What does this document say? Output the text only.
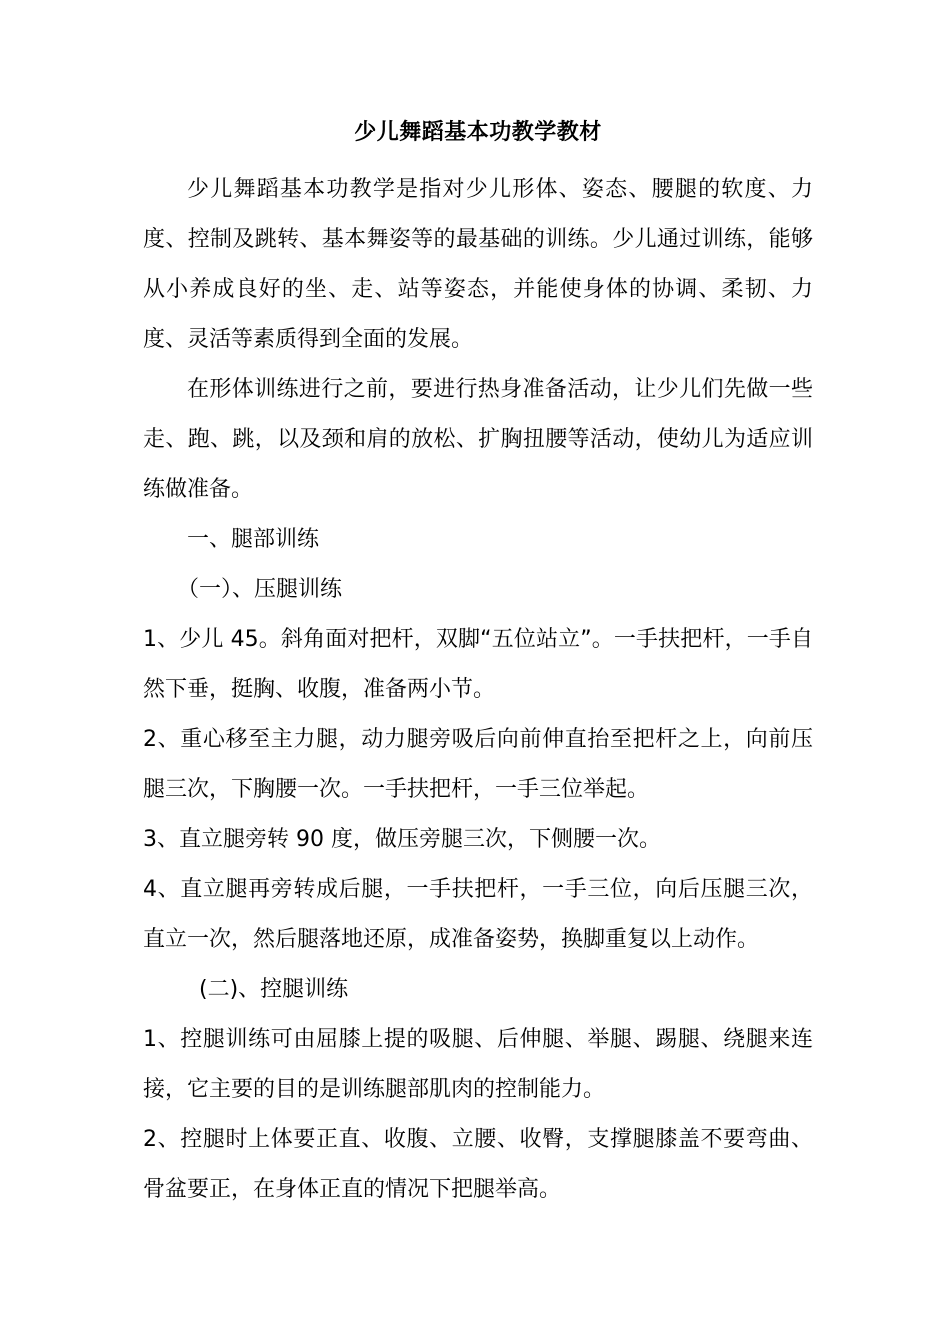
少儿舞蹈基本功教学教材

少儿舞蹈基本功教学是指对少儿形体、姿态、腰腿的软度、力度、控制及跳转、基本舞姿等的最基础的训练。少儿通过训练，能够从小养成良好的坐、走、站等姿态，并能使身体的协调、柔韧、力度、灵活等素质得到全面的发展。

在形体训练进行之前，要进行热身准备活动，让少儿们先做一些走、跑、跳，以及颈和肩的放松、扩胸扭腰等活动，使幼儿为适应训练做准备。

一、腿部训练

（一）、压腿训练

1、少儿 45。斜角面对把杆，双脚“五位站立”。一手扶把杆，一手自然下垂，挺胸、收腹，准备两小节。

2、重心移至主力腿，动力腿旁吸后向前伸直抬至把杆之上，向前压腿三次，下胸腰一次。一手扶把杆，一手三位举起。

3、直立腿旁转 90 度，做压旁腿三次，下侧腰一次。

4、直立腿再旁转成后腿，一手扶把杆，一手三位，向后压腿三次，直立一次，然后腿落地还原，成准备姿势，换脚重复以上动作。

(二)、控腿训练

1、控腿训练可由屈膝上提的吸腿、后伸腿、举腿、踢腿、绕腿来连接，它主要的目的是训练腿部肌肉的控制能力。

2、控腿时上体要正直、收腹、立腰、收臀，支撑腿膝盖不要弯曲、骨盆要正，在身体正直的情况下把腿举高。
